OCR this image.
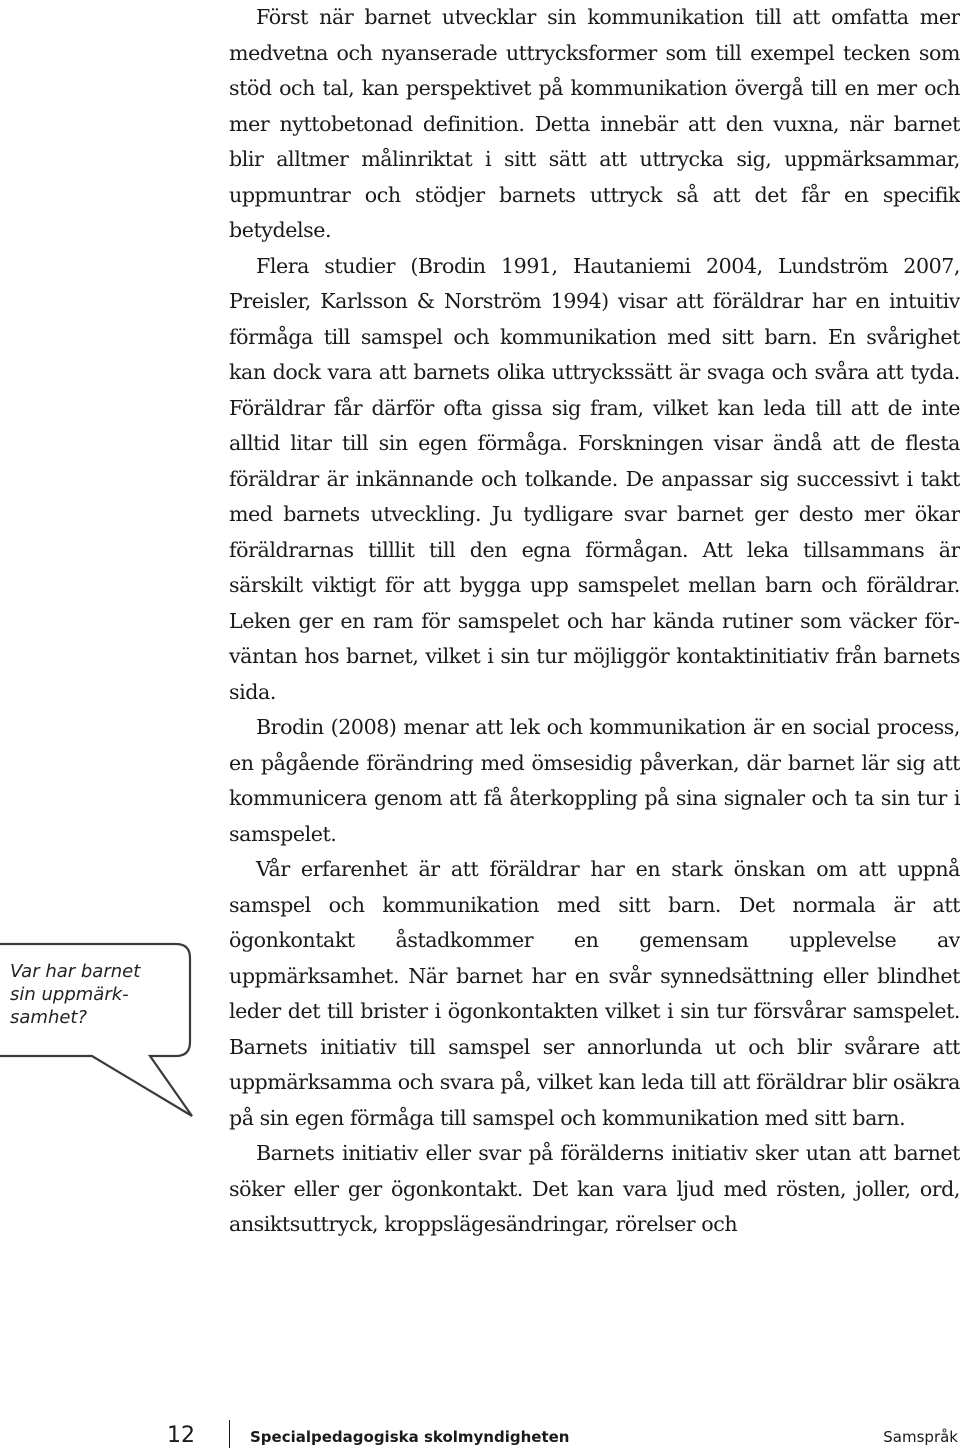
Först när barnet utvecklar sin kommunikation till att omfatta mer medvetna och nyanserade uttrycksformer som till exempel tecken som stöd och tal, kan perspektivet på kommunikation övergå till en mer och mer nyttobetonad definition. Detta innebär att den vuxna, när barnet blir alltmer målinriktat i sitt sätt att uttrycka sig, uppmärksammar, uppmuntrar och stödjer barnets uttryck så att det får en specifik betydelse.

Flera studier (Brodin 1991, Hautaniemi 2004, Lundström 2007, Preisler, Karlsson & Norström 1994) visar att föräldrar har en intuitiv förmåga till samspel och kommunikation med sitt barn. En svårighet kan dock vara att barnets olika uttryckssätt är svaga och svåra att tyda. Föräldrar får därför ofta gissa sig fram, vilket kan leda till att de inte alltid litar till sin egen förmåga. Forskningen visar ändå att de flesta föräldrar är inkännande och tolkande. De anpassar sig successivt i takt med barnets utveckling. Ju tydligare svar barnet ger desto mer ökar föräldrarnas tilllit till den egna förmågan. Att leka tillsammans är särskilt viktigt för att bygga upp samspelet mellan barn och föräldrar. Leken ger en ram för samspelet och har kända rutiner som väcker förväntan hos barnet, vilket i sin tur möjliggör kontaktinitiativ från barnets sida.

Brodin (2008) menar att lek och kommunikation är en social process, en pågående förändring med ömsesidig påverkan, där barnet lär sig att kommunicera genom att få återkoppling på sina signaler och ta sin tur i samspelet.

Vår erfarenhet är att föräldrar har en stark önskan om att uppnå samspel och kommunikation med sitt barn. Det normala är att ögonkontakt åstadkommer en gemensam upplevelse av uppmärksamhet. När barnet har en svår synnedsättning eller blindhet leder det till brister i ögonkontakten vilket i sin tur försvårar samspelet. Barnets initiativ till samspel ser annorlunda ut och blir svårare att uppmärksamma och svara på, vilket kan leda till att föräldrar blir osäkra på sin egen förmåga till samspel och kommunikation med sitt barn.

Barnets initiativ eller svar på förälderns initiativ sker utan att barnet söker eller ger ögonkontakt. Det kan vara ljud med rösten, joller, ord, ansiktsuttryck, kroppslägesändringar, rörelser och

Var har barnet sin uppmärksamhet?
12	Specialpedagogiska skolmyndigheten	Samspråk
